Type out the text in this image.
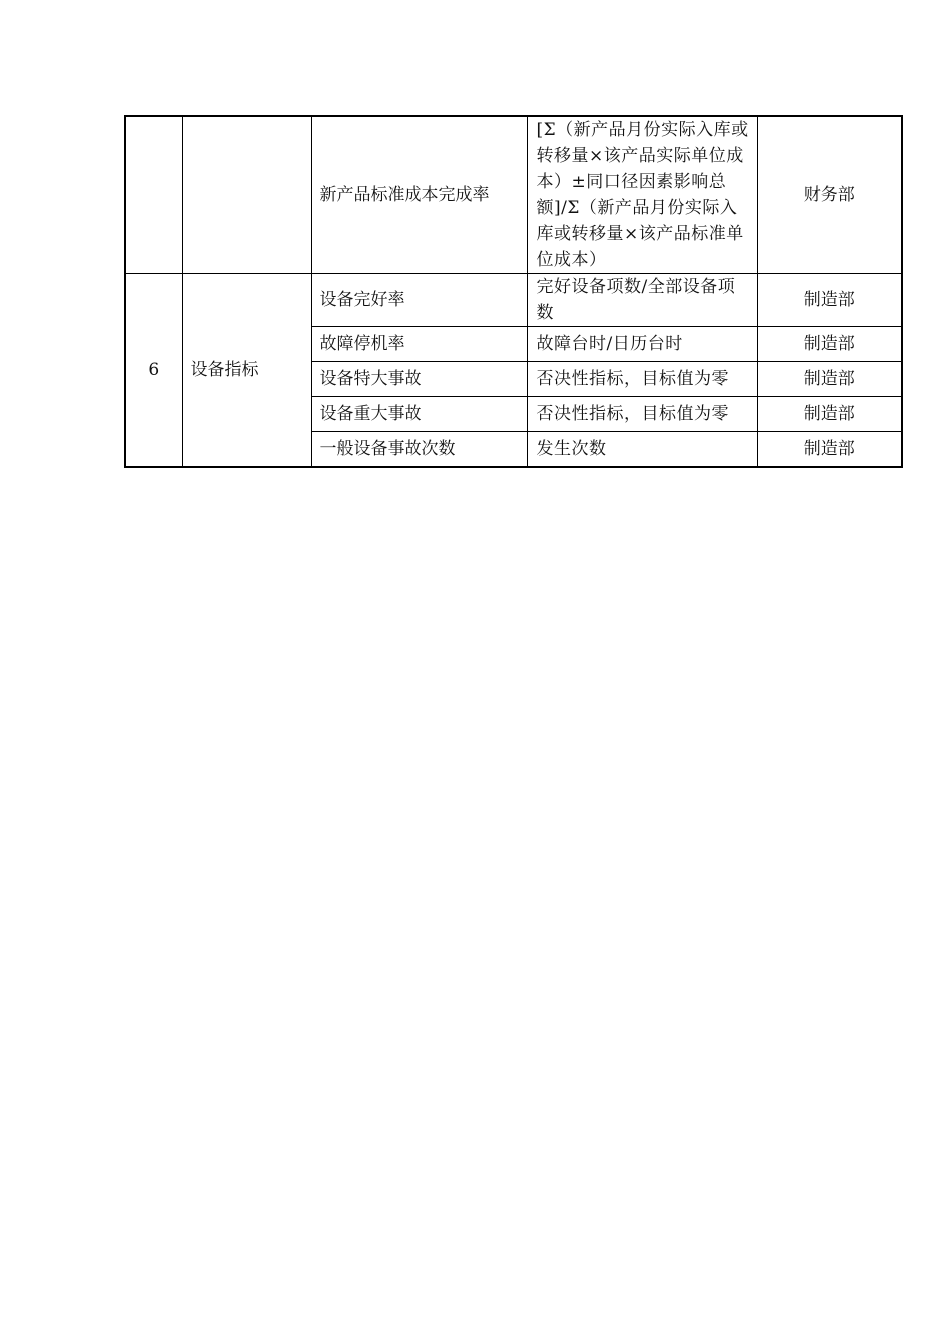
		新产品标准成本完成率	[Σ（新产品月份实际入库或转移量×该产品实际单位成本）±同口径因素影响总额]/Σ（新产品月份实际入库或转移量×该产品标准单位成本）	财务部
6	设备指标	设备完好率	完好设备项数/全部设备项数	制造部
		故障停机率	故障台时/日历台时	制造部
		设备特大事故	否决性指标，目标值为零	制造部
		设备重大事故	否决性指标，目标值为零	制造部
		一般设备事故次数	发生次数	制造部
